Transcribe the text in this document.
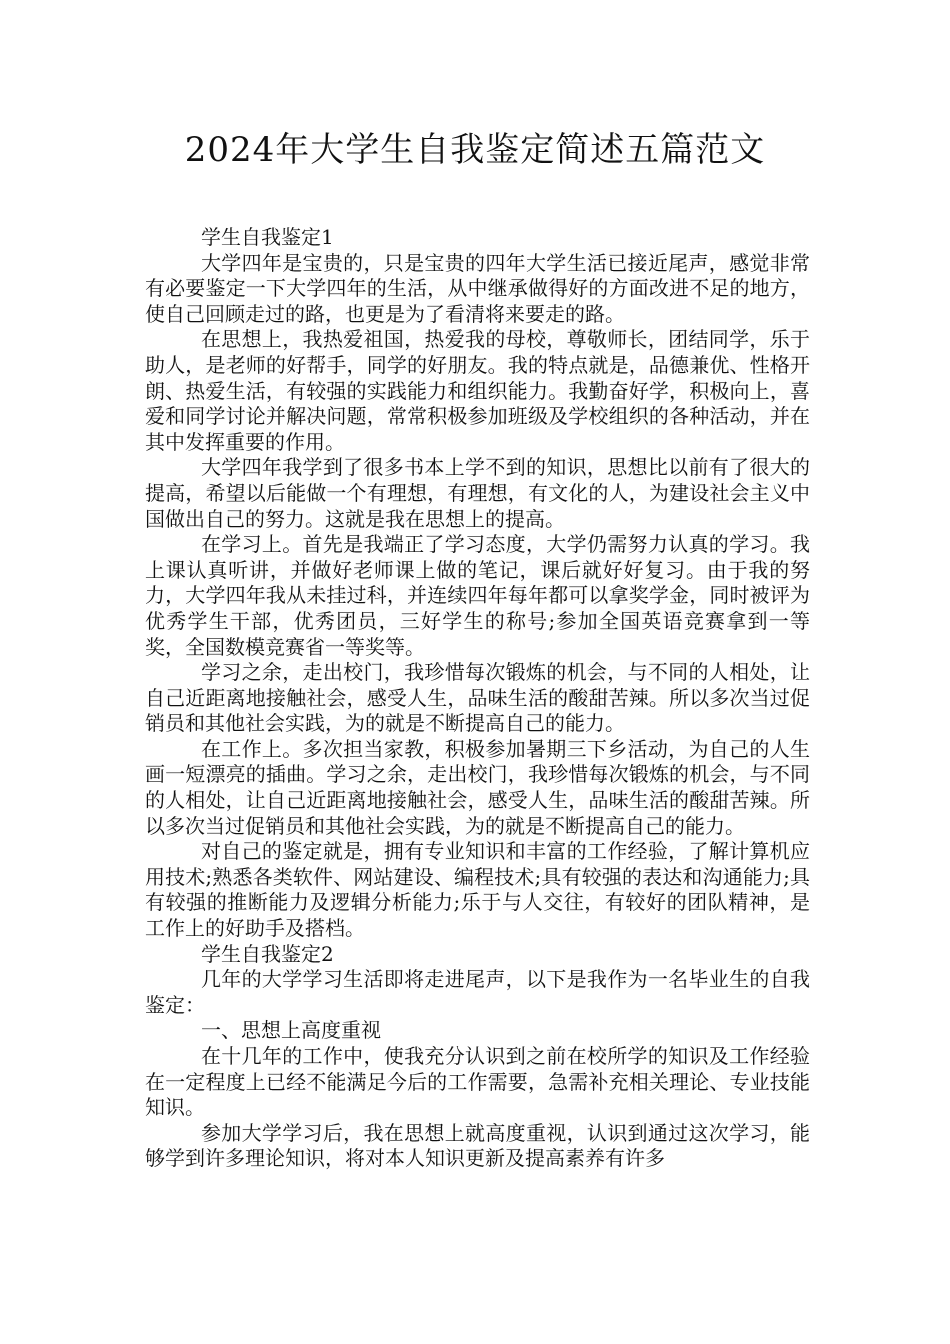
2024年大学生自我鉴定简述五篇范文

学生自我鉴定1

大学四年是宝贵的，只是宝贵的四年大学生活已接近尾声，感觉非常有必要鉴定一下大学四年的生活，从中继承做得好的方面改进不足的地方，使自己回顾走过的路，也更是为了看清将来要走的路。

在思想上，我热爱祖国，热爱我的母校，尊敬师长，团结同学，乐于助人，是老师的好帮手，同学的好朋友。我的特点就是，品德兼优、性格开朗、热爱生活，有较强的实践能力和组织能力。我勤奋好学，积极向上，喜爱和同学讨论并解决问题，常常积极参加班级及学校组织的各种活动，并在其中发挥重要的作用。

大学四年我学到了很多书本上学不到的知识，思想比以前有了很大的提高，希望以后能做一个有理想，有理想，有文化的人，为建设社会主义中国做出自己的努力。这就是我在思想上的提高。

在学习上。首先是我端正了学习态度，大学仍需努力认真的学习。我上课认真听讲，并做好老师课上做的笔记，课后就好好复习。由于我的努力，大学四年我从未挂过科，并连续四年每年都可以拿奖学金，同时被评为优秀学生干部，优秀团员，三好学生的称号;参加全国英语竞赛拿到一等奖，全国数模竞赛省一等奖等。

学习之余，走出校门，我珍惜每次锻炼的机会，与不同的人相处，让自己近距离地接触社会，感受人生，品味生活的酸甜苦辣。所以多次当过促销员和其他社会实践，为的就是不断提高自己的能力。

在工作上。多次担当家教，积极参加暑期三下乡活动，为自己的人生画一短漂亮的插曲。学习之余，走出校门，我珍惜每次锻炼的机会，与不同的人相处，让自己近距离地接触社会，感受人生，品味生活的酸甜苦辣。所以多次当过促销员和其他社会实践，为的就是不断提高自己的能力。

对自己的鉴定就是，拥有专业知识和丰富的工作经验，了解计算机应用技术;熟悉各类软件、网站建设、编程技术;具有较强的表达和沟通能力;具有较强的推断能力及逻辑分析能力;乐于与人交往，有较好的团队精神，是工作上的好助手及搭档。

学生自我鉴定2

几年的大学学习生活即将走进尾声，以下是我作为一名毕业生的自我鉴定：

一、思想上高度重视

在十几年的工作中，使我充分认识到之前在校所学的知识及工作经验在一定程度上已经不能满足今后的工作需要，急需补充相关理论、专业技能知识。

参加大学学习后，我在思想上就高度重视，认识到通过这次学习，能够学到许多理论知识，将对本人知识更新及提高素养有许多
